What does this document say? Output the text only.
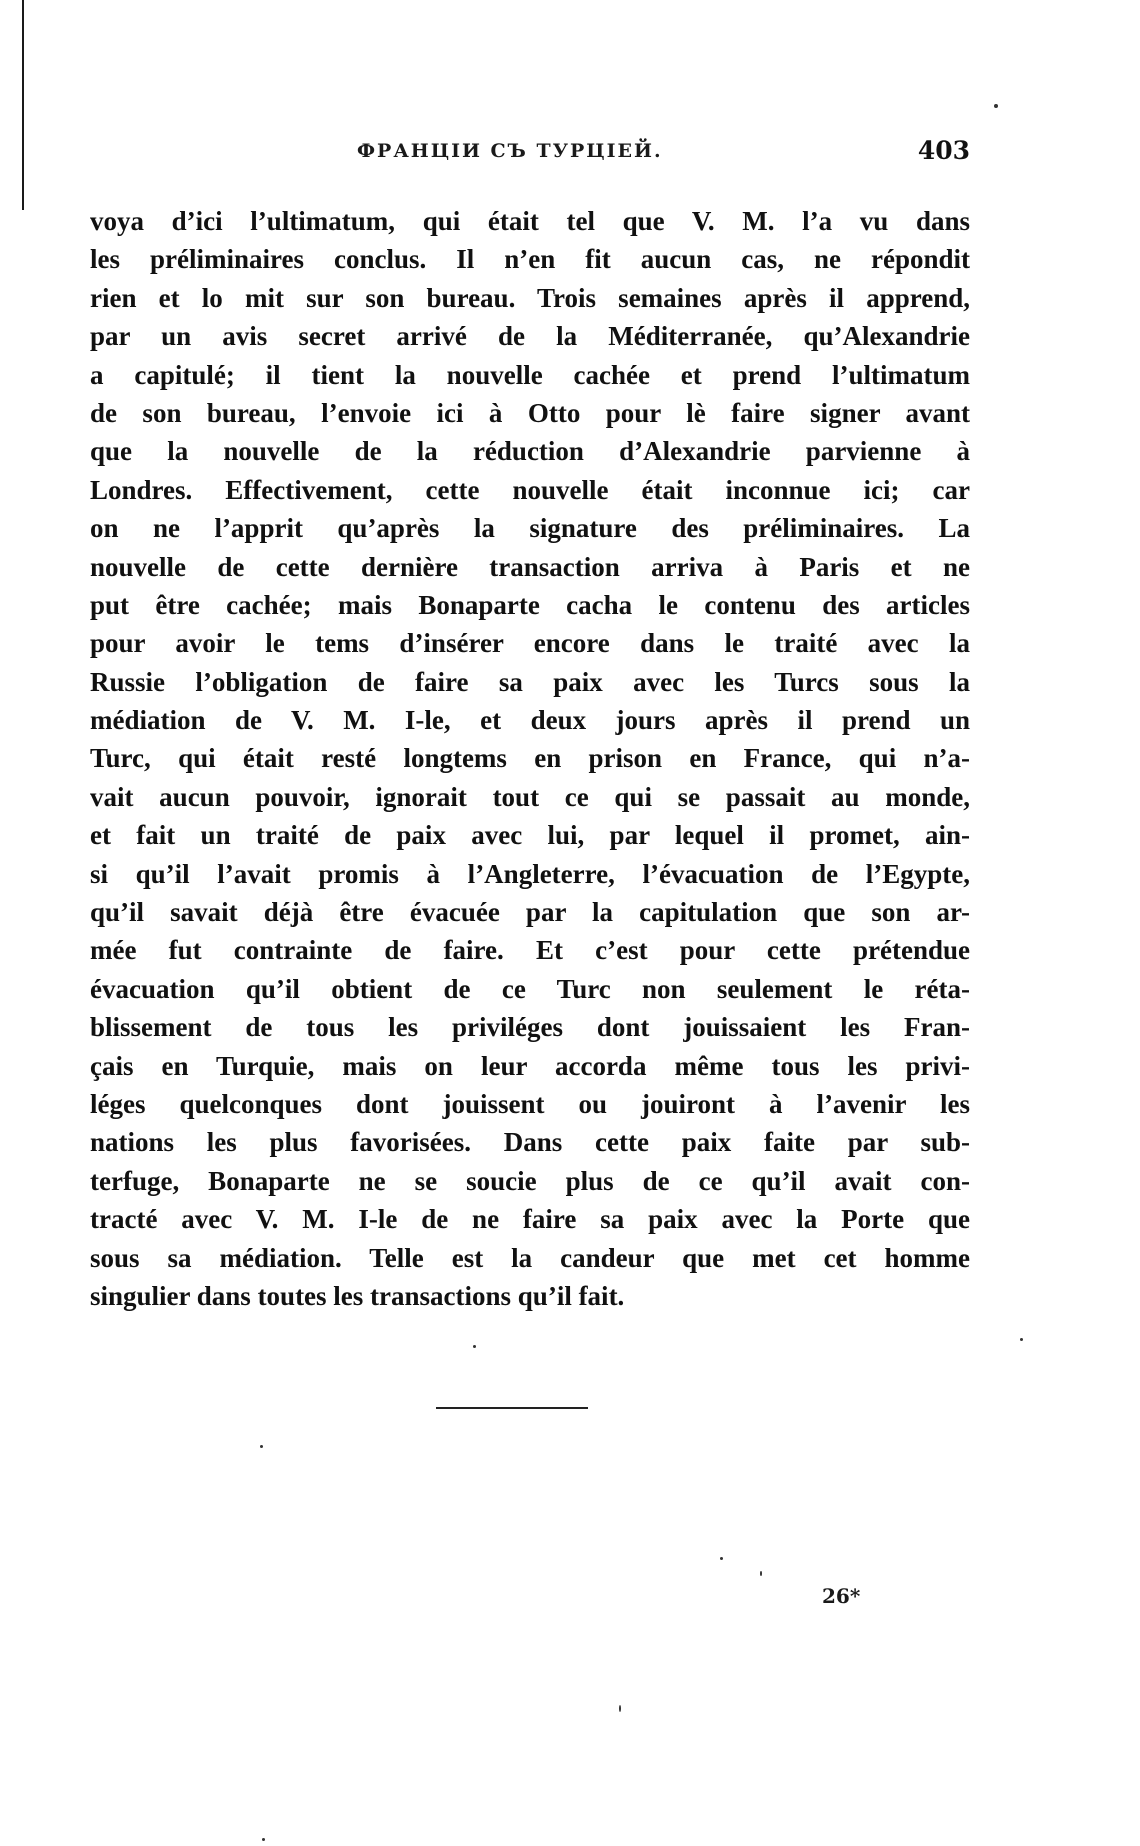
ФРАНЦІИ СЪ ТУРЦІЕЙ.	403
voya d’ici l’ultimatum, qui était tel que V. M. l’a vu dans
les préliminaires conclus. Il n’en fit aucun cas, ne répondit
rien et lo mit sur son bureau. Trois semaines après il apprend,
par un avis secret arrivé de la Méditerranée, qu’Alexandrie
a capitulé; il tient la nouvelle cachée et prend l’ultimatum
de son bureau, l’envoie ici à Otto pour lè faire signer avant
que la nouvelle de la réduction d’Alexandrie parvienne à
Londres. Effectivement, cette nouvelle était inconnue ici; car
on ne l’apprit qu’après la signature des préliminaires. La
nouvelle de cette dernière transaction arriva à Paris et ne
put être cachée; mais Bonaparte cacha le contenu des articles
pour avoir le tems d’insérer encore dans le traité avec la
Russie l’obligation de faire sa paix avec les Turcs sous la
médiation de V. M. I-le, et deux jours après il prend un
Turc, qui était resté longtems en prison en France, qui n’a-
vait aucun pouvoir, ignorait tout ce qui se passait au monde,
et fait un traité de paix avec lui, par lequel il promet, ain-
si qu’il l’avait promis à l’Angleterre, l’évacuation de l’Egypte,
qu’il savait déjà être évacuée par la capitulation que son ar-
mée fut contrainte de faire. Et c’est pour cette prétendue
évacuation qu’il obtient de ce Turc non seulement le réta-
blissement de tous les priviléges dont jouissaient les Fran-
çais en Turquie, mais on leur accorda même tous les privi-
léges quelconques dont jouissent ou jouiront à l’avenir les
nations les plus favorisées. Dans cette paix faite par sub-
terfuge, Bonaparte ne se soucie plus de ce qu’il avait con-
tracté avec V. M. I-le de ne faire sa paix avec la Porte que
sous sa médiation. Telle est la candeur que met cet homme
singulier dans toutes les transactions qu’il fait.
26*
